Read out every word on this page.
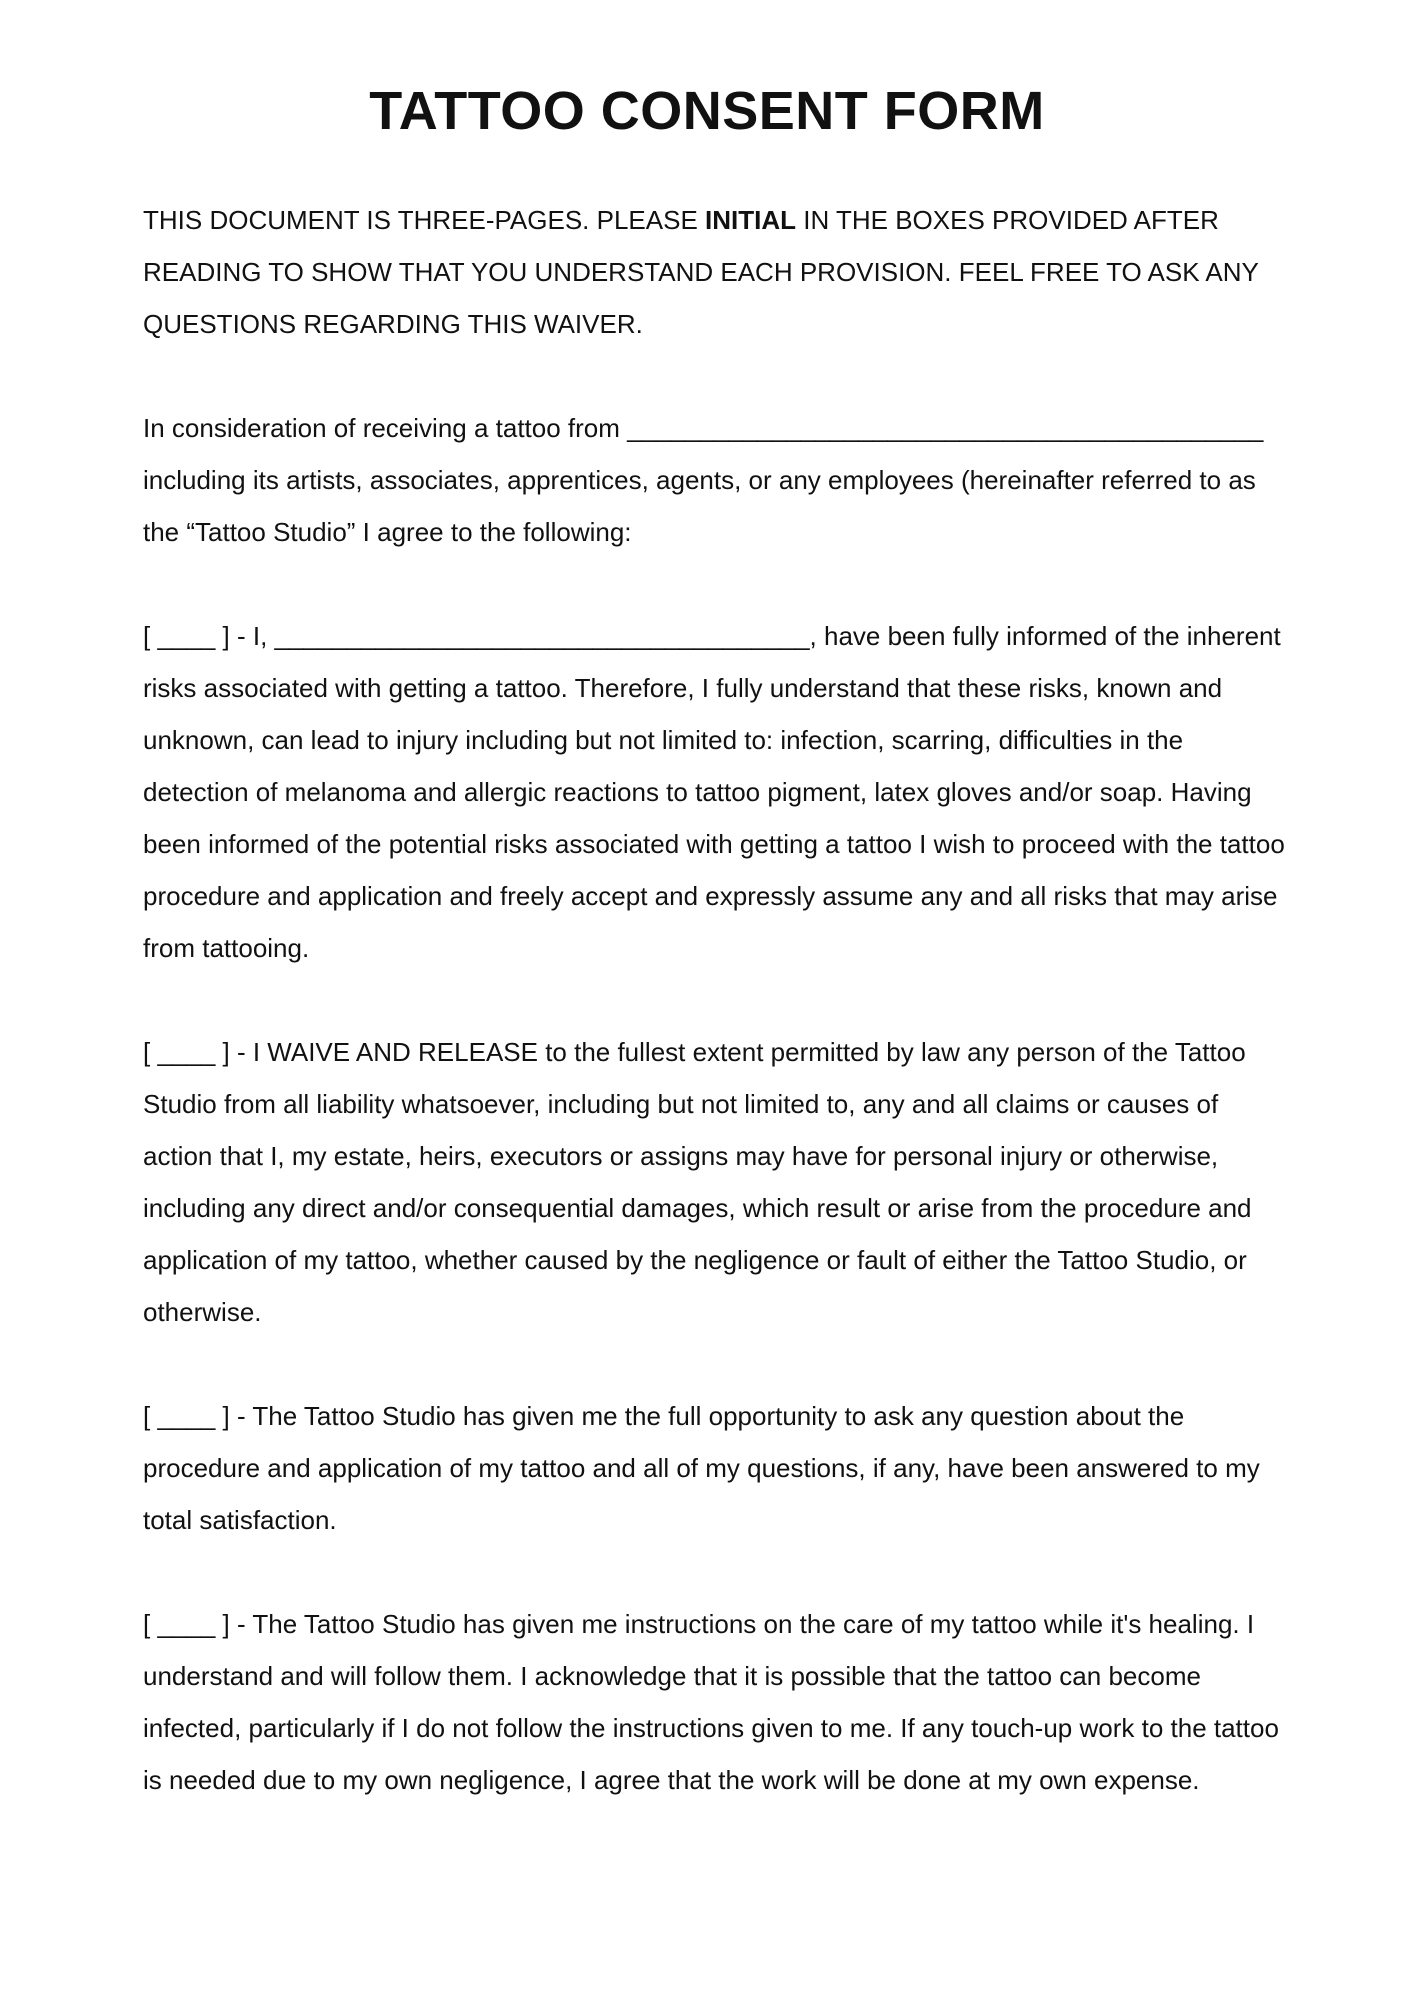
TATTOO CONSENT FORM

THIS DOCUMENT IS THREE-PAGES. PLEASE INITIAL IN THE BOXES PROVIDED AFTER READING TO SHOW THAT YOU UNDERSTAND EACH PROVISION. FEEL FREE TO ASK ANY QUESTIONS REGARDING THIS WAIVER.

In consideration of receiving a tattoo from ____________________________________________ including its artists, associates, apprentices, agents, or any employees (hereinafter referred to as the “Tattoo Studio” I agree to the following:

[ ____ ] - I, _____________________________________, have been fully informed of the inherent risks associated with getting a tattoo. Therefore, I fully understand that these risks, known and unknown, can lead to injury including but not limited to: infection, scarring, difficulties in the detection of melanoma and allergic reactions to tattoo pigment, latex gloves and/or soap. Having been informed of the potential risks associated with getting a tattoo I wish to proceed with the tattoo procedure and application and freely accept and expressly assume any and all risks that may arise from tattooing.

[ ____ ] - I WAIVE AND RELEASE to the fullest extent permitted by law any person of the Tattoo Studio from all liability whatsoever, including but not limited to, any and all claims or causes of action that I, my estate, heirs, executors or assigns may have for personal injury or otherwise, including any direct and/or consequential damages, which result or arise from the procedure and application of my tattoo, whether caused by the negligence or fault of either the Tattoo Studio, or otherwise.

[ ____ ] - The Tattoo Studio has given me the full opportunity to ask any question about the procedure and application of my tattoo and all of my questions, if any, have been answered to my total satisfaction.

[ ____ ] - The Tattoo Studio has given me instructions on the care of my tattoo while it's healing. I understand and will follow them. I acknowledge that it is possible that the tattoo can become infected, particularly if I do not follow the instructions given to me. If any touch-up work to the tattoo is needed due to my own negligence, I agree that the work will be done at my own expense.
